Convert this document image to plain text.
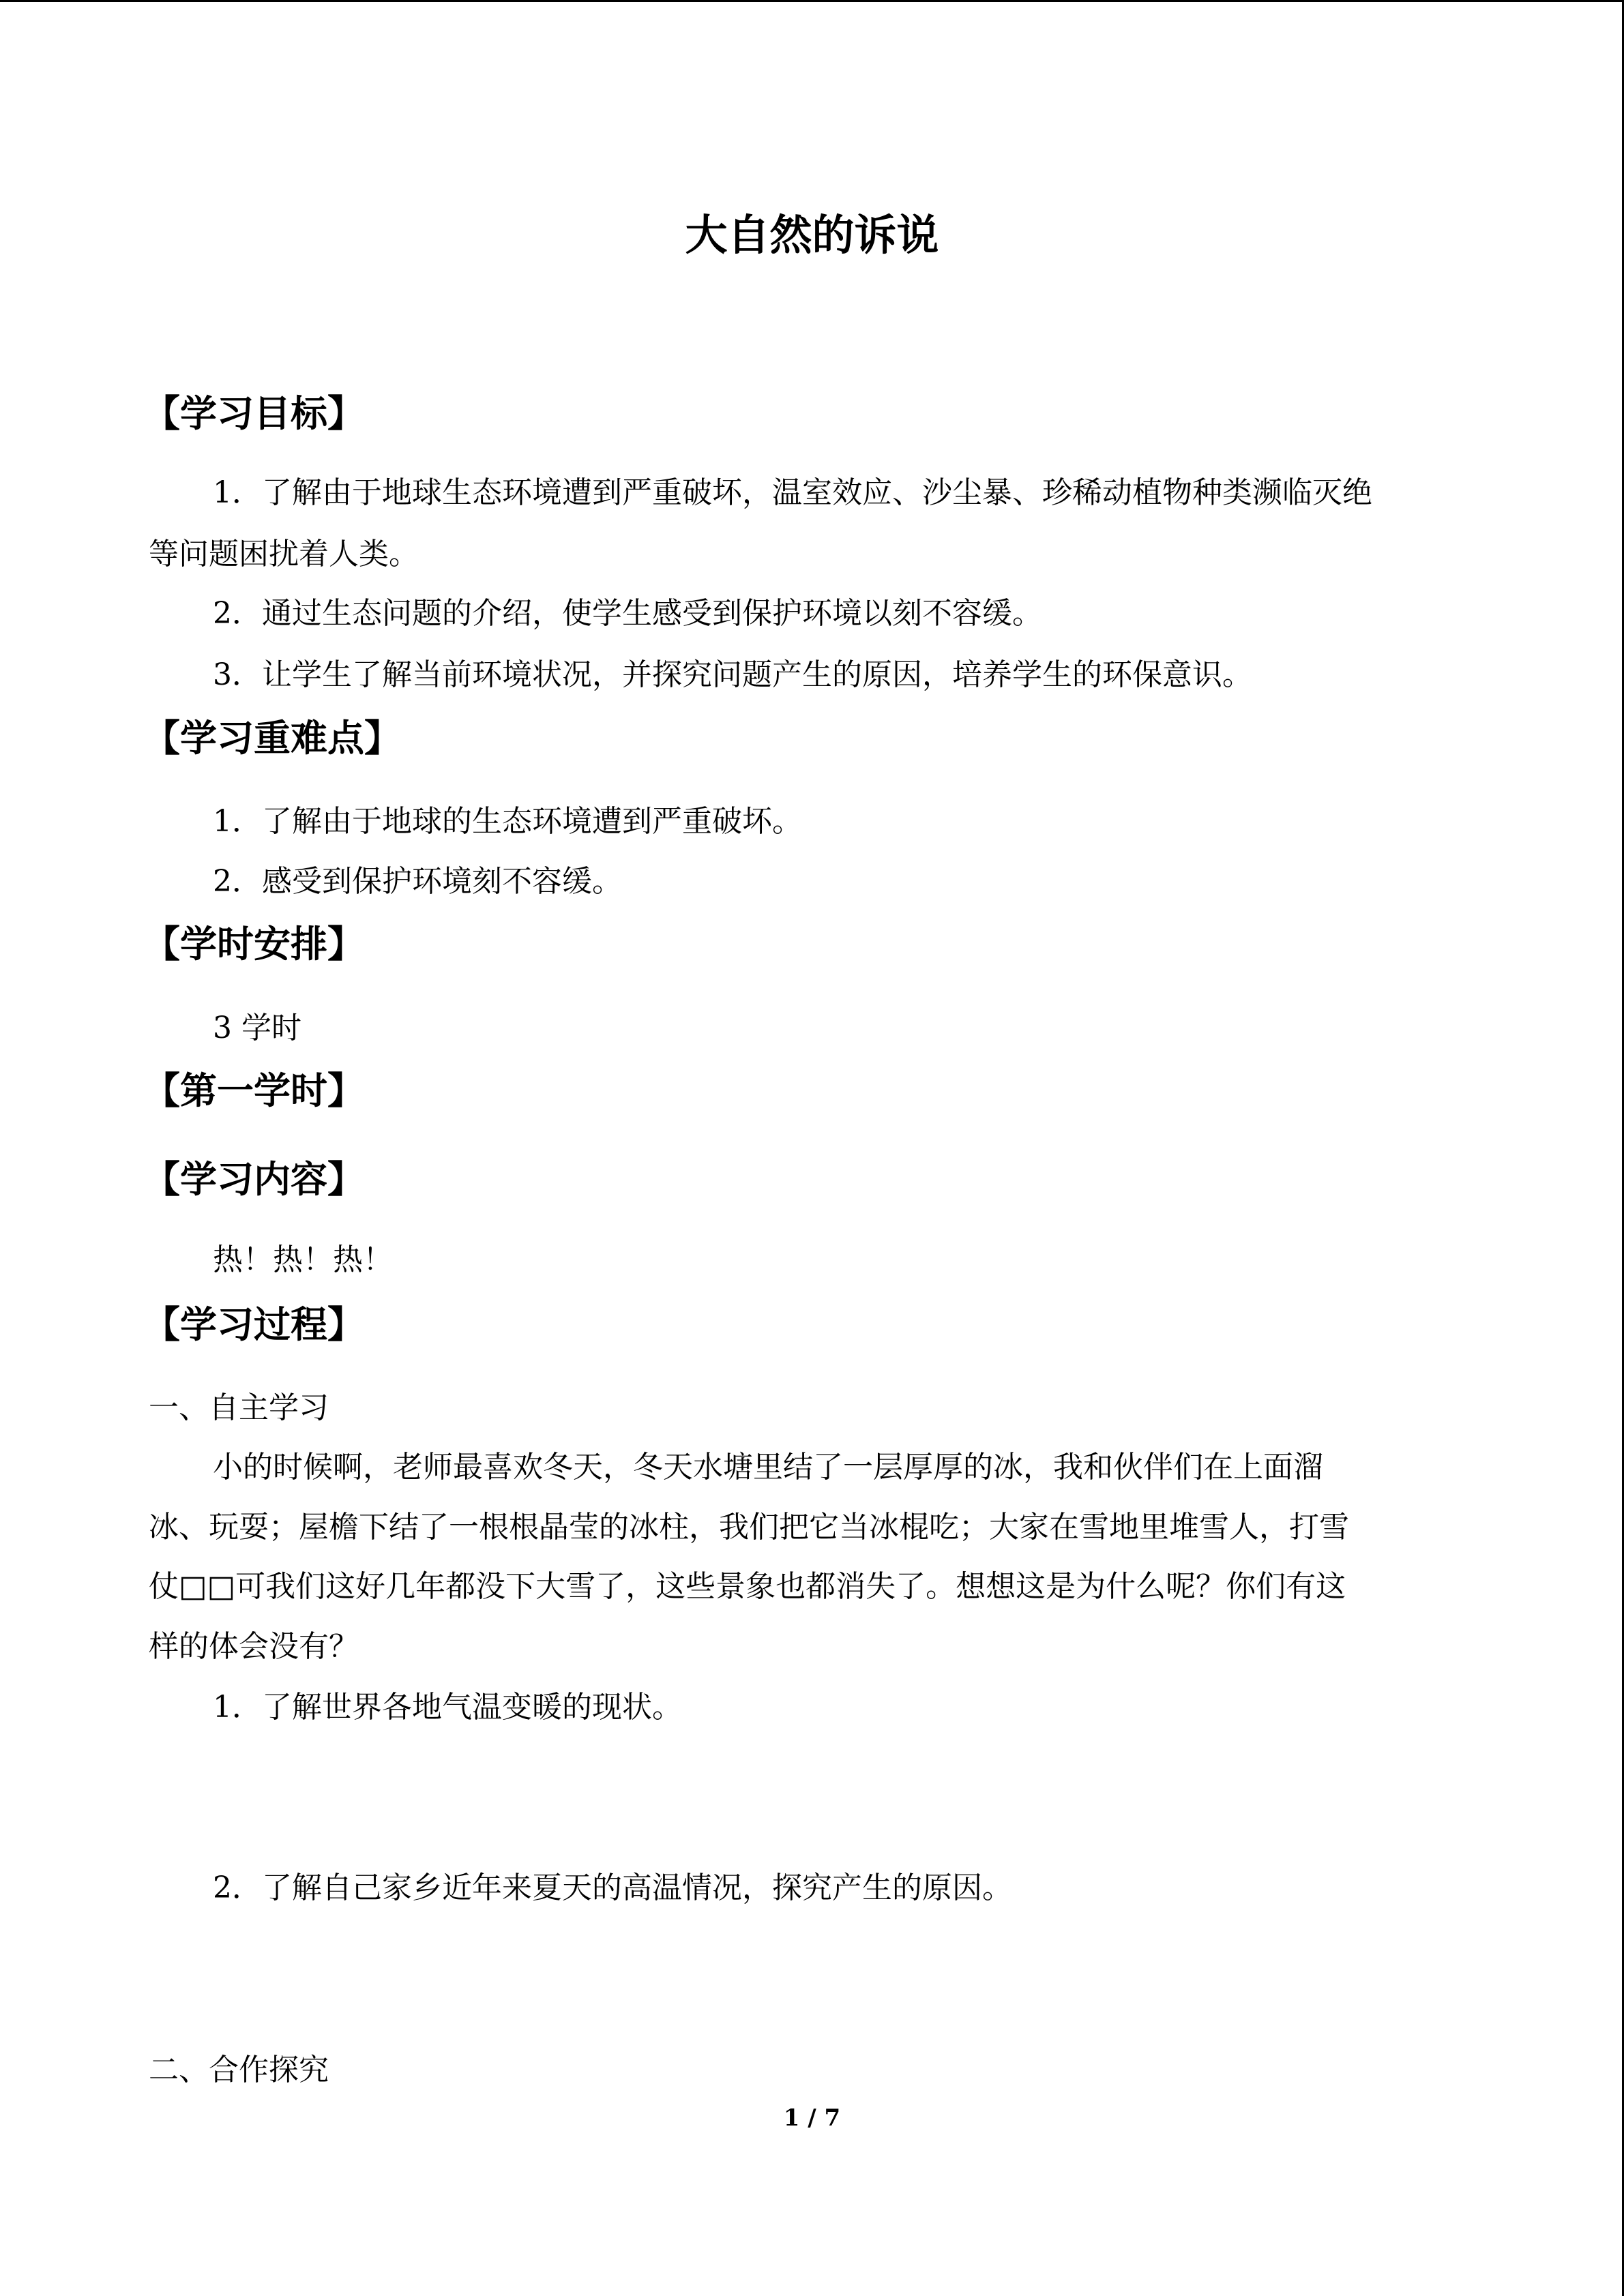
大自然的诉说
【学习目标】
1．了解由于地球生态环境遭到严重破坏，温室效应、沙尘暴、珍稀动植物种类濒临灭绝
等问题困扰着人类。
2．通过生态问题的介绍，使学生感受到保护环境以刻不容缓。
3．让学生了解当前环境状况，并探究问题产生的原因，培养学生的环保意识。
【学习重难点】
1．了解由于地球的生态环境遭到严重破坏。
2．感受到保护环境刻不容缓。
【学时安排】
3 学时
【第一学时】
【学习内容】
热！热！热！
【学习过程】
一、自主学习
小的时候啊，老师最喜欢冬天，冬天水塘里结了一层厚厚的冰，我和伙伴们在上面溜
冰、玩耍；屋檐下结了一根根晶莹的冰柱，我们把它当冰棍吃；大家在雪地里堆雪人，打雪
仗□□可我们这好几年都没下大雪了，这些景象也都消失了。想想这是为什么呢？你们有这
样的体会没有？
1．了解世界各地气温变暖的现状。
2．了解自己家乡近年来夏天的高温情况，探究产生的原因。
二、合作探究
1 / 7
